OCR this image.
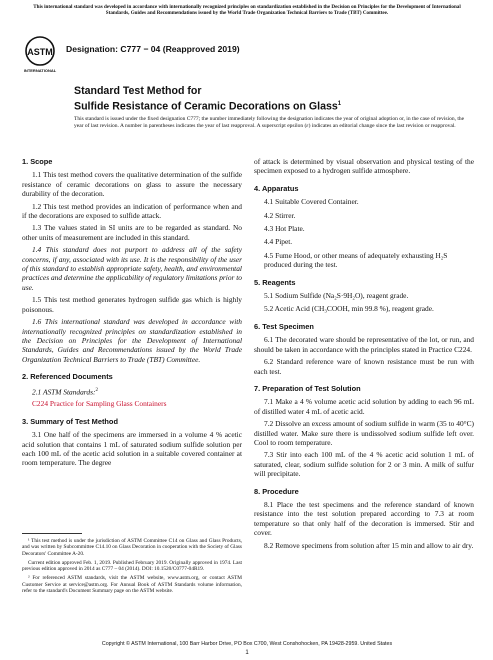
This international standard was developed in accordance with internationally recognized principles on standardization established in the Decision on Principles for the Development of International Standards, Guides and Recommendations issued by the World Trade Organization Technical Barriers to Trade (TBT) Committee.
ASTM
INTERNATIONAL
Designation: C777 − 04 (Reapproved 2019)
Standard Test Method for
Sulfide Resistance of Ceramic Decorations on Glass$^1$
This standard is issued under the fixed designation C777; the number immediately following the designation indicates the year of original adoption or, in the case of revision, the year of last revision. A number in parentheses indicates the year of last reapproval. A superscript epsilon (ε) indicates an editorial change since the last revision or reapproval.
1. Scope

1.1 This test method covers the qualitative determination of the sulfide resistance of ceramic decorations on glass to assure the necessary durability of the decoration.

1.2 This test method provides an indication of performance when and if the decorations are exposed to sulfide attack.

1.3 The values stated in SI units are to be regarded as standard. No other units of measurement are included in this standard.

1.4 This standard does not purport to address all of the safety concerns, if any, associated with its use. It is the responsibility of the user of this standard to establish appropriate safety, health, and environmental practices and determine the applicability of regulatory limitations prior to use.

1.5 This test method generates hydrogen sulfide gas which is highly poisonous.

1.6 This international standard was developed in accordance with internationally recognized principles on standardization established in the Decision on Principles for the Development of International Standards, Guides and Recommendations issued by the World Trade Organization Technical Barriers to Trade (TBT) Committee.

2. Referenced Documents

2.1 ASTM Standards:$^2$

C224 Practice for Sampling Glass Containers
3. Summary of Test Method

3.1 One half of the specimens are immersed in a volume 4 % acetic acid solution that contains 1 mL of saturated sodium sulfide solution per each 100 mL of the acetic acid solution in a suitable covered container at room temperature. The degree

of attack is determined by visual observation and physical testing of the specimen exposed to a hydrogen sulfide atmosphere.

4. Apparatus
4.1 Suitable Covered Container.
4.2 Stirrer.
4.3 Hot Plate.
4.4 Pipet.
4.5 Fume Hood, or other means of adequately exhausting H₂S produced during the test.
5. Reagents
5.1 Sodium Sulfide (Na₂S·9H₂O), reagent grade.
5.2 Acetic Acid (CH₃COOH, min 99.8 %), reagent grade.
6. Test Specimen

6.1 The decorated ware should be representative of the lot, or run, and should be taken in accordance with the principles stated in Practice C224.

6.2 Standard reference ware of known resistance must be run with each test.

7. Preparation of Test Solution

7.1 Make a 4 % volume acetic acid solution by adding to each 96 mL of distilled water 4 mL of acetic acid.

7.2 Dissolve an excess amount of sodium sulfide in warm (35 to 40°C) distilled water. Make sure there is undissolved sodium sulfide left over. Cool to room temperature.

7.3 Stir into each 100 mL of the 4 % acetic acid solution 1 mL of saturated, clear, sodium sulfide solution for 2 or 3 min. A milk of sulfur will precipitate.

8. Procedure

8.1 Place the test specimens and the reference standard of known resistance into the test solution prepared according to 7.3 at room temperature so that only half of the decoration is immersed. Stir and cover.

8.2 Remove specimens from solution after 15 min and allow to air dry.

¹ This test method is under the jurisdiction of ASTM Committee C14 on Glass and Glass Products, and was written by Subcommittee C14.10 on Glass Decoration in cooperation with the Society of Glass Decorators' Committee A-20.

Current edition approved Feb. 1, 2019. Published February 2019. Originally approved in 1974. Last previous edition approved in 2014 as C777 – 04 (2014). DOI: 10.1520/C0777-04R19.

² For referenced ASTM standards, visit the ASTM website, www.astm.org, or contact ASTM Customer Service at service@astm.org. For Annual Book of ASTM Standards volume information, refer to the standard's Document Summary page on the ASTM website.

Copyright © ASTM International, 100 Barr Harbor Drive, PO Box C700, West Conshohocken, PA 19428-2959. United States
1
